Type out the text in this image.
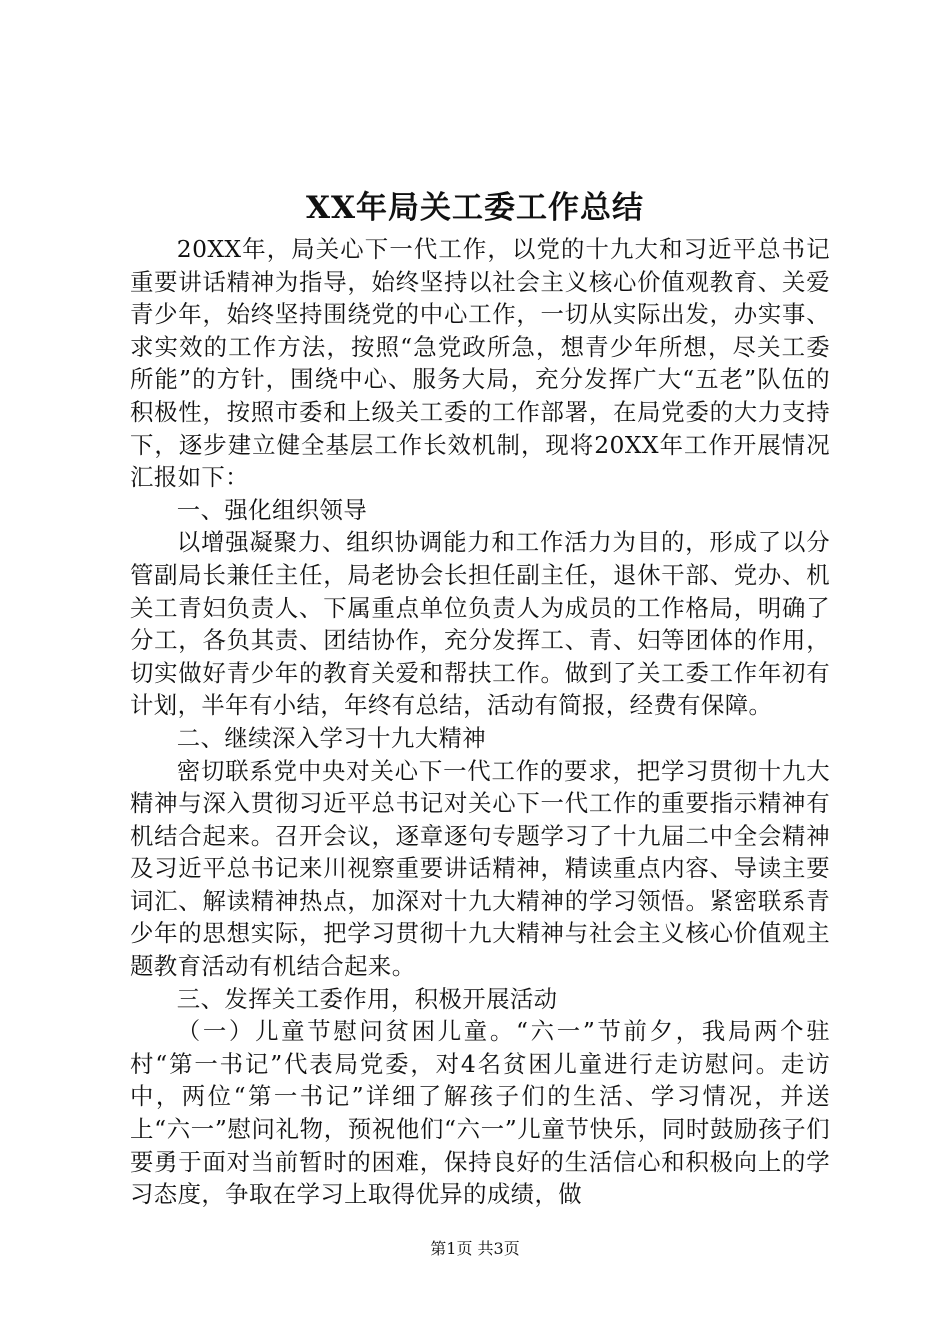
XX年局关工委工作总结

20XX年，局关心下一代工作，以党的十九大和习近平总书记重要讲话精神为指导，始终坚持以社会主义核心价值观教育、关爱青少年，始终坚持围绕党的中心工作，一切从实际出发，办实事、求实效的工作方法，按照“急党政所急，想青少年所想，尽关工委所能”的方针，围绕中心、服务大局，充分发挥广大“五老”队伍的积极性，按照市委和上级关工委的工作部署，在局党委的大力支持下，逐步建立健全基层工作长效机制，现将20XX年工作开展情况汇报如下：

一、强化组织领导

以增强凝聚力、组织协调能力和工作活力为目的，形成了以分管副局长兼任主任，局老协会长担任副主任，退休干部、党办、机关工青妇负责人、下属重点单位负责人为成员的工作格局，明确了分工，各负其责、团结协作，充分发挥工、青、妇等团体的作用，切实做好青少年的教育关爱和帮扶工作。做到了关工委工作年初有计划，半年有小结，年终有总结，活动有简报，经费有保障。

二、继续深入学习十九大精神

密切联系党中央对关心下一代工作的要求，把学习贯彻十九大精神与深入贯彻习近平总书记对关心下一代工作的重要指示精神有机结合起来。召开会议，逐章逐句专题学习了十九届二中全会精神及习近平总书记来川视察重要讲话精神，精读重点内容、导读主要词汇、解读精神热点，加深对十九大精神的学习领悟。紧密联系青少年的思想实际，把学习贯彻十九大精神与社会主义核心价值观主题教育活动有机结合起来。

三、发挥关工委作用，积极开展活动

（一）儿童节慰问贫困儿童。“六一”节前夕，我局两个驻村“第一书记”代表局党委，对4名贫困儿童进行走访慰问。走访中，两位“第一书记”详细了解孩子们的生活、学习情况，并送上“六一”慰问礼物，预祝他们“六一”儿童节快乐，同时鼓励孩子们要勇于面对当前暂时的困难，保持良好的生活信心和积极向上的学习态度，争取在学习上取得优异的成绩，做

第1页 共3页
